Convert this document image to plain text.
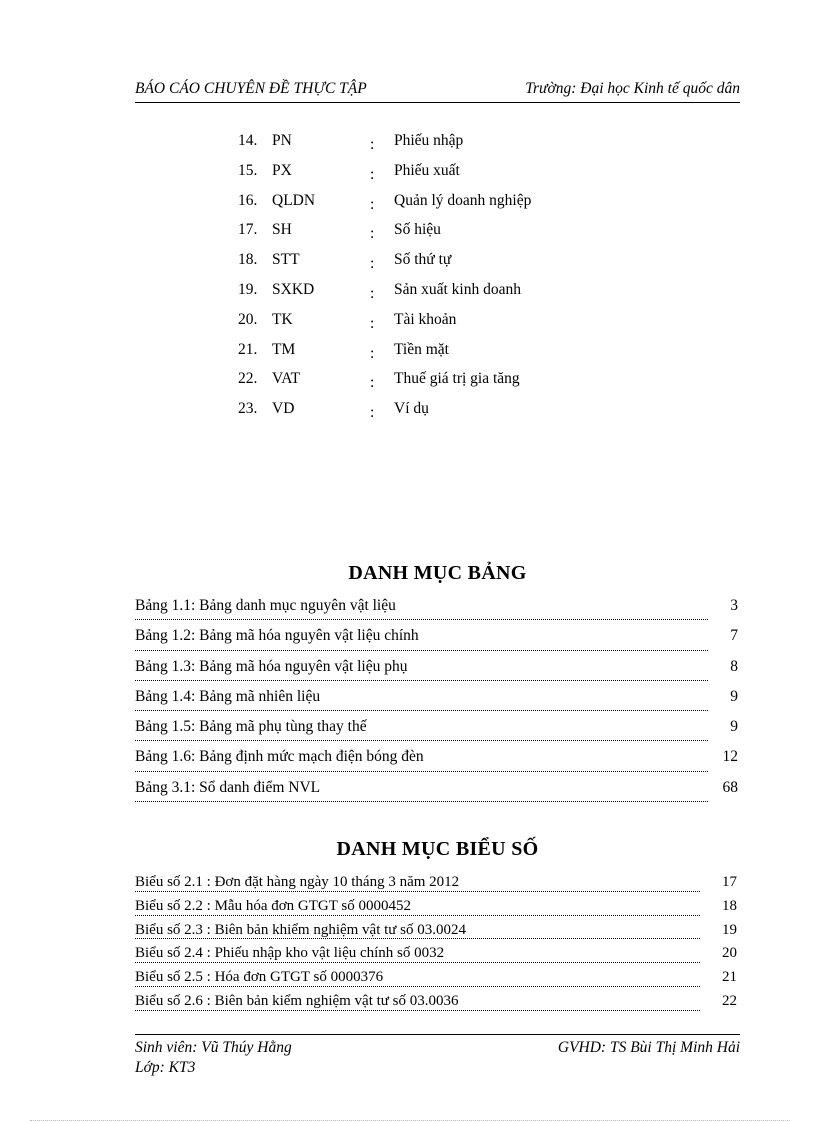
BÁO CÁO CHUYÊN ĐỀ THỰC TẬP	Trường: Đại học Kinh tế quốc dân
14. PN	: Phiếu nhập
15. PX	: Phiếu xuất
16. QLDN	: Quản lý doanh nghiệp
17. SH	: Số hiệu
18. STT	: Số thứ tự
19. SXKD	: Sản xuất kinh doanh
20. TK	: Tài khoản
21. TM	: Tiền mặt
22. VAT	: Thuế giá trị gia tăng
23. VD	: Ví dụ
DANH MỤC BẢNG
Bảng 1.1: Bảng danh mục nguyên vật liệu	3
Bảng 1.2: Bảng mã hóa nguyên vật liệu chính	7
Bảng 1.3: Bảng mã hóa nguyên vật liệu phụ	8
Bảng 1.4: Bảng mã nhiên liệu	9
Bảng 1.5: Bảng mã phụ tùng thay thế	9
Bảng 1.6: Bảng định mức mạch điện bóng đèn	12
Bảng 3.1: Sổ danh điểm NVL	68
DANH MỤC BIỂU SỐ
Biểu số 2.1 : Đơn đặt hàng ngày 10 tháng 3 năm 2012	17
Biểu số 2.2 : Mẫu hóa đơn GTGT số 0000452	18
Biểu số 2.3 : Biên bản khiểm nghiệm vật tư số 03.0024	19
Biểu số 2.4 : Phiếu nhập kho vật liệu chính số 0032	20
Biểu số 2.5 : Hóa đơn GTGT số 0000376	21
Biểu số 2.6 : Biên bản kiểm nghiệm vật tư số 03.0036	22
Sinh viên: Vũ Thúy Hằng	GVHD: TS Bùi Thị Minh Hải
Lớp: KT3
